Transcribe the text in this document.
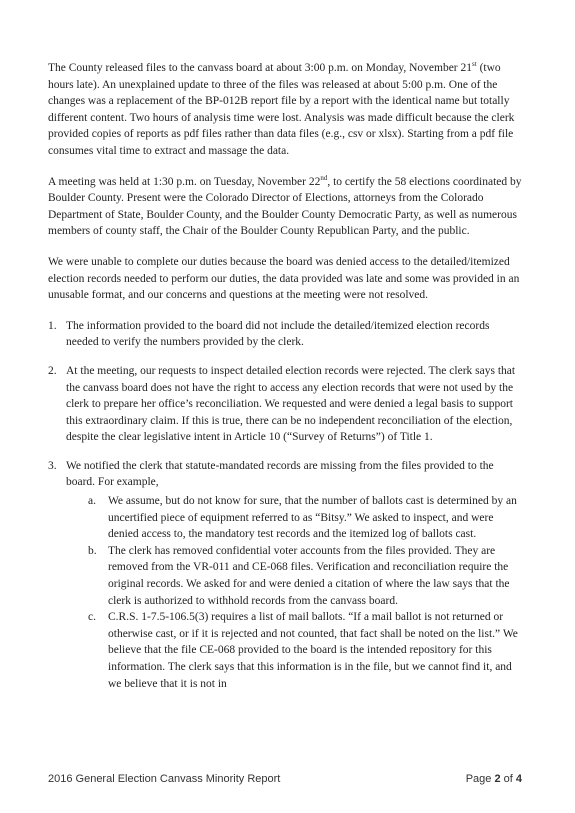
The County released files to the canvass board at about 3:00 p.m. on Monday, November 21st (two hours late). An unexplained update to three of the files was released at about 5:00 p.m. One of the changes was a replacement of the BP-012B report file by a report with the identical name but totally different content. Two hours of analysis time were lost. Analysis was made difficult because the clerk provided copies of reports as pdf files rather than data files (e.g., csv or xlsx). Starting from a pdf file consumes vital time to extract and massage the data.

A meeting was held at 1:30 p.m. on Tuesday, November 22nd, to certify the 58 elections coordinated by Boulder County. Present were the Colorado Director of Elections, attorneys from the Colorado Department of State, Boulder County, and the Boulder County Democratic Party, as well as numerous members of county staff, the Chair of the Boulder County Republican Party, and the public.

We were unable to complete our duties because the board was denied access to the detailed/itemized election records needed to perform our duties, the data provided was late and some was provided in an unusable format, and our concerns and questions at the meeting were not resolved.

1. The information provided to the board did not include the detailed/itemized election records needed to verify the numbers provided by the clerk.
2. At the meeting, our requests to inspect detailed election records were rejected. The clerk says that the canvass board does not have the right to access any election records that were not used by the clerk to prepare her office’s reconciliation. We requested and were denied a legal basis to support this extraordinary claim. If this is true, there can be no independent reconciliation of the election, despite the clear legislative intent in Article 10 (“Survey of Returns”) of Title 1.
3. We notified the clerk that statute-mandated records are missing from the files provided to the board. For example,
a. We assume, but do not know for sure, that the number of ballots cast is determined by an uncertified piece of equipment referred to as “Bitsy.” We asked to inspect, and were denied access to, the mandatory test records and the itemized log of ballots cast.
b. The clerk has removed confidential voter accounts from the files provided. They are removed from the VR-011 and CE-068 files. Verification and reconciliation require the original records. We asked for and were denied a citation of where the law says that the clerk is authorized to withhold records from the canvass board.
c. C.R.S. 1-7.5-106.5(3) requires a list of mail ballots. “If a mail ballot is not returned or otherwise cast, or if it is rejected and not counted, that fact shall be noted on the list.” We believe that the file CE-068 provided to the board is the intended repository for this information. The clerk says that this information is in the file, but we cannot find it, and we believe that it is not in
2016 General Election Canvass Minority Report	Page 2 of 4
